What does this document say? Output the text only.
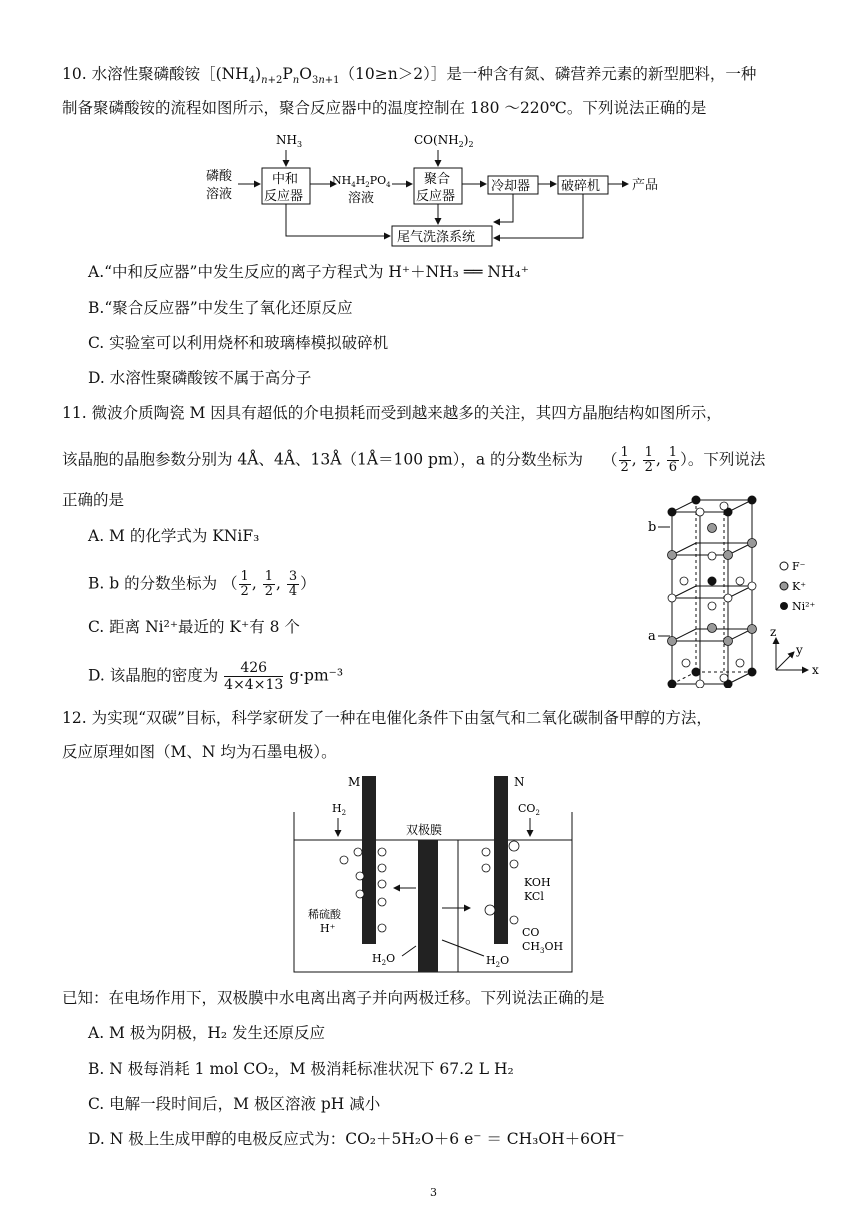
10. 水溶性聚磷酸铵$[(NH_4)_{n+2}P_nO_{3n+1}(10\ge n>2)]$是一种含有氮、磷营养元素的新型肥料，一种
制备聚磷酸铵的流程如图所示，聚合反应器中的温度控制在 180 ～220℃。下列说法正确的是
磷酸
溶液
$NH_3$
中和
反应器
$NH_4H_2PO_4$
溶液
$CO(NH_2)_2$
聚合
反应器
冷却器 破碎机 产品
尾气洗涤系统
A.“中和反应器”中发生反应的离子方程式为 H⁺＋NH₃ ══ NH₄⁺
B.“聚合反应器”中发生了氧化还原反应
C. 实验室可以利用烧杯和玻璃棒模拟破碎机
D. 水溶性聚磷酸铵不属于高分子
11. 微波介质陶瓷 M 因具有超低的介电损耗而受到越来越多的关注，其四方晶胞结构如图所示，
该晶胞的晶胞参数分别为 4Å、4Å、13Å（1Å＝100 pm），a 的分数坐标为 （ $\frac{1}{2}$ , $\frac{1}{2}$ , $\frac{1}{6}$ ）。下列说法
正确的是
A. M 的化学式为 KNiF₃
B. b 的分数坐标为 （ $\frac{1}{2}$ , $\frac{1}{2}$ , $\frac{3}{4}$ ）
C. 距离 Ni²⁺最近的 K⁺有 8 个
D. 该晶胞的密度为 $\frac{426}{4\times 4\times 13} g\cdot pm^{-3}$
b
a
F⁻
K⁺
Ni²⁺
z
y
x
12. 为实现“双碳”目标，科学家研发了一种在电催化条件下由氢气和二氧化碳制备甲醇的方法，
反应原理如图（M、N 均为石墨电极）。
M	N
$H_2$	$CO_2$
双极膜
KOH
KCl
稀硫酸
H⁺	CO
$CH_3OH$
$H_2O$	$H_2O$
已知：在电场作用下，双极膜中水电离出离子并向两极迁移。下列说法正确的是
A. M 极为阴极，H₂ 发生还原反应
B. N 极每消耗 1 mol CO₂，M 极消耗标准状况下 67.2 L H₂
C. 电解一段时间后，M 极区溶液 pH 减小
D. N 极上生成甲醇的电极反应式为：CO₂＋5H₂O＋6 e⁻ ＝ CH₃OH＋6OH⁻
3
